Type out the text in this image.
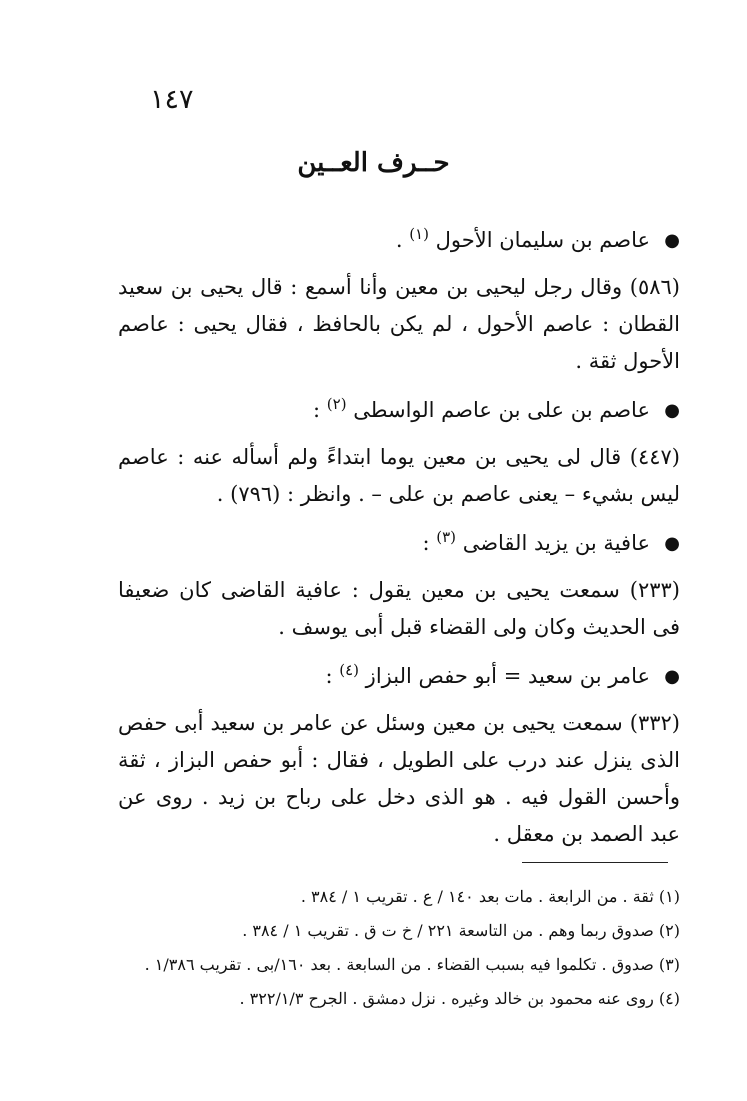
١٤٧
حــرف العــين
●
عاصم بن سليمان الأحول $^{(١)}$ .
(٥٨٦) وقال رجل ليحيى بن معين وأنا أسمع : قال يحيى بن سعيد القطان : عاصم الأحول ، لم يكن بالحافظ ، فقال يحيى : عاصم الأحول ثقة .
●
عاصم بن على بن عاصم الواسطى $^{(٢)}$ :
(٤٤٧) قال لى يحيى بن معين يوما ابتداءً ولم أسأله عنه : عاصم ليس بشيء – يعنى عاصم بن على – . وانظر : (٧٩٦) .
●
عافية بن يزيد القاضى $^{(٣)}$ :
(٢٣٣) سمعت يحيى بن معين يقول : عافية القاضى كان ضعيفا فى الحديث وكان ولى القضاء قبل أبى يوسف .
●
عامر بن سعيد = أبو حفص البزاز $^{(٤)}$ :
(٣٣٢) سمعت يحيى بن معين وسئل عن عامر بن سعيد أبى حفص الذى ينزل عند درب على الطويل ، فقال : أبو حفص البزاز ، ثقة وأحسن القول فيه . هو الذى دخل على رباح بن زيد . روى عن عبد الصمد بن معقل .
(١) ثقة . من الرابعة . مات بعد ١٤٠ / ع . تقريب ١ / ٣٨٤ .
(٢) صدوق ربما وهم . من التاسعة ٢٢١ / خ ت ق . تقريب ١ / ٣٨٤ .
(٣) صدوق . تكلموا فيه بسبب القضاء . من السابعة . بعد ١٦٠/بى . تقريب ١/٣٨٦ .
(٤) روى عنه محمود بن خالد وغيره . نزل دمشق . الجرح ٣٢٢/١/٣ .
